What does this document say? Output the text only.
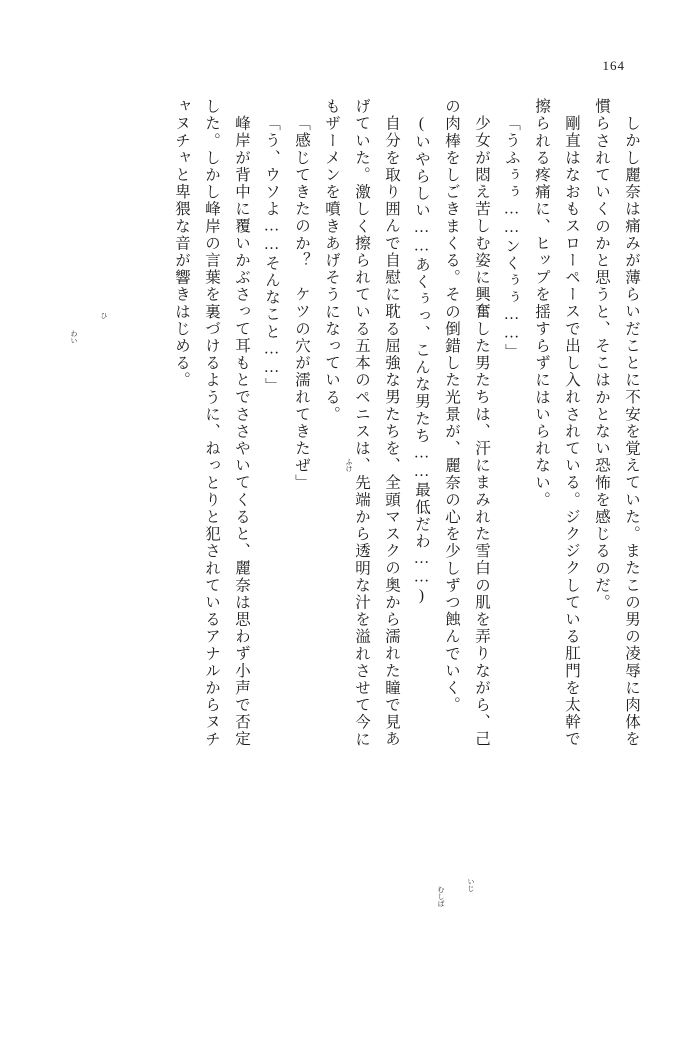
164
しかし麗奈は痛みが薄らいだことに不安を覚えていた。またこの男の凌辱に肉体を
慣らされていくのかと思うと、そこはかとない恐怖を感じるのだ。
剛直はなおもスローペースで出し入れされている。ジクジクしている肛門を太幹で
擦られる疼痛に、ヒップを揺すらずにはいられない。
「うふぅぅ……ンくぅぅ……」
少女が悶え苦しむ姿に興奮した男たちは、汗にまみれた雪白の肌を弄りながら、己
の肉棒をしごきまくる。その倒錯した光景が、麗奈の心を少しずつ蝕んでいく。
(いやらしい……あくぅっ、こんな男たち……最低だわ……)
自分を取り囲んで自慰に耽る屈強な男たちを、全頭マスクの奥から濡れた瞳で見あ
げていた。激しく擦られている五本のペニスは、先端から透明な汁を溢れさせて今に
もザーメンを噴きあげそうになっている。
「感じてきたのか？　ケツの穴が濡れてきたぜ」
「う、ウソよ……そんなこと……」
峰岸が背中に覆いかぶさって耳もとでささやいてくると、麗奈は思わず小声で否定
した。しかし峰岸の言葉を裏づけるように、ねっとりと犯されているアナルからヌチ
ャヌチャと卑猥な音が響きはじめる。
ふけ
いじ
むしば
ひ
わい
